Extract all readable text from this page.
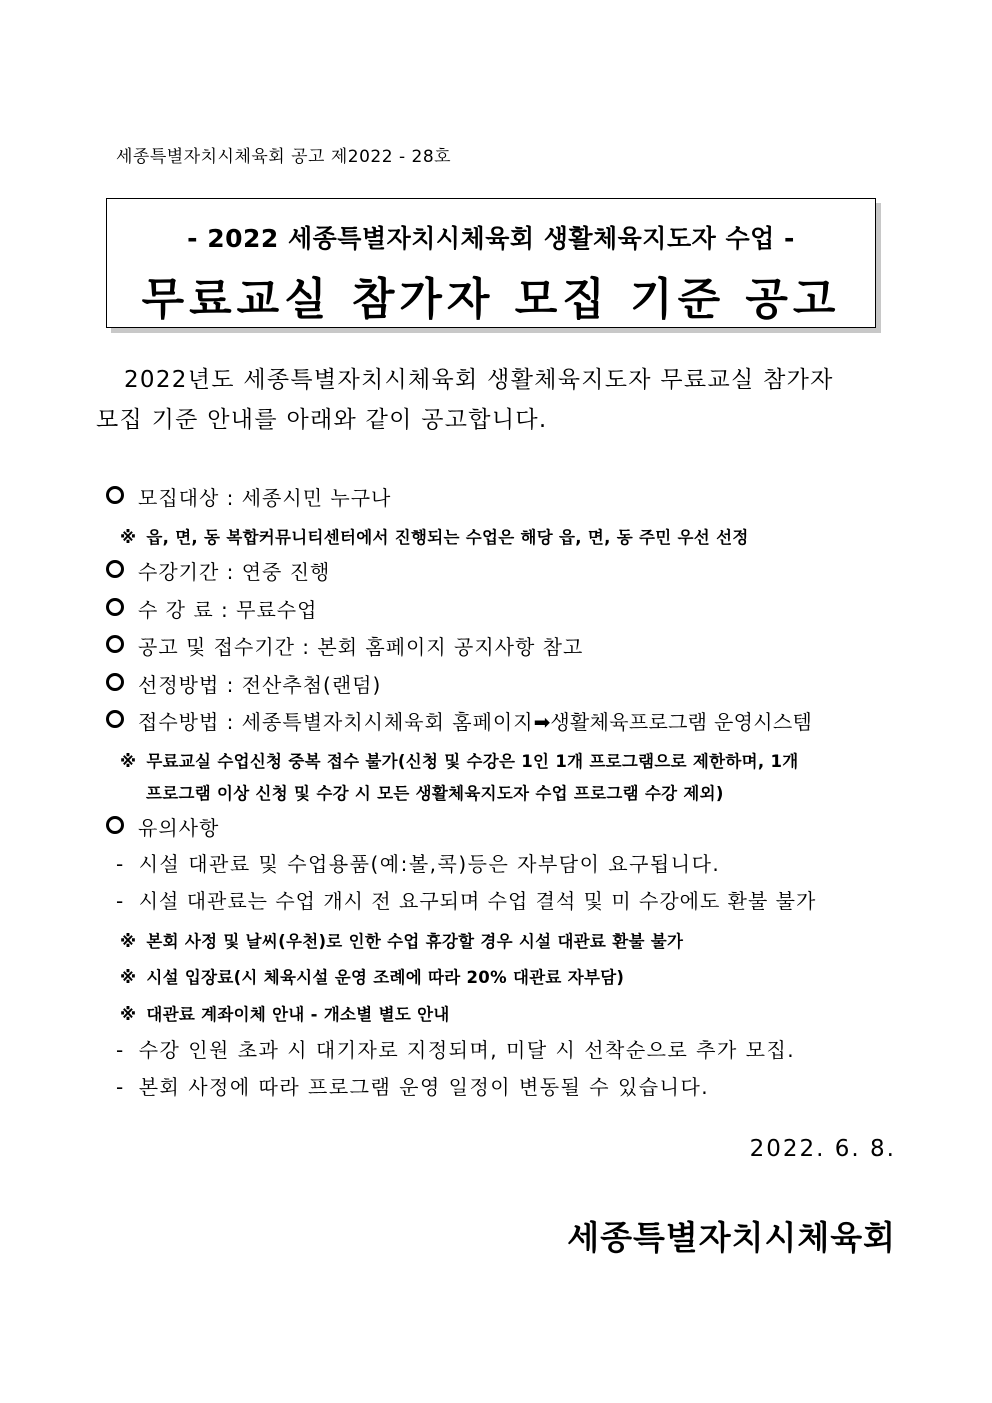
세종특별자치시체육회 공고 제2022 - 28호
- 2022 세종특별자치시체육회 생활체육지도자 수업 -
무료교실 참가자 모집 기준 공고
2022년도 세종특별자치시체육회 생활체육지도자 무료교실 참가자
모집 기준 안내를 아래와 같이 공고합니다.
모집대상 : 세종시민 누구나
※ 읍, 면, 동 복합커뮤니티센터에서 진행되는 수업은 해당 읍, 면, 동 주민 우선 선정
수강기간 : 연중 진행
수 강 료 : 무료수업
공고 및 접수기간 : 본회 홈페이지 공지사항 참고
선정방법 : 전산추첨(랜덤)
접수방법 : 세종특별자치시체육회 홈페이지➡생활체육프로그램 운영시스템
※ 무료교실 수업신청 중복 접수 불가(신청 및 수강은 1인 1개 프로그램으로 제한하며, 1개
프로그램 이상 신청 및 수강 시 모든 생활체육지도자 수업 프로그램 수강 제외)
유의사항
- 시설 대관료 및 수업용품(예:볼,콕)등은 자부담이 요구됩니다.
- 시설 대관료는 수업 개시 전 요구되며 수업 결석 및 미 수강에도 환불 불가
※ 본회 사정 및 날씨(우천)로 인한 수업 휴강할 경우 시설 대관료 환불 불가
※ 시설 입장료(시 체육시설 운영 조례에 따라 20% 대관료 자부담)
※ 대관료 계좌이체 안내 - 개소별 별도 안내
- 수강 인원 초과 시 대기자로 지정되며, 미달 시 선착순으로 추가 모집.
- 본회 사정에 따라 프로그램 운영 일정이 변동될 수 있습니다.
2022. 6. 8.
세종특별자치시체육회
